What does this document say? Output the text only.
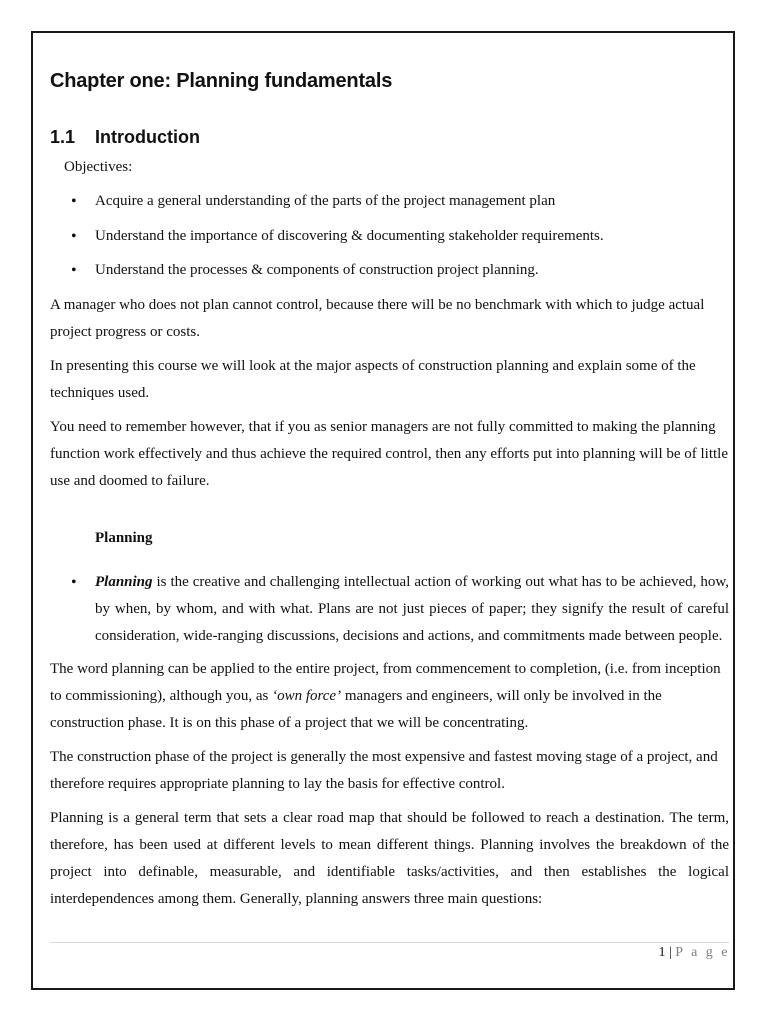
Chapter one: Planning fundamentals
1.1 Introduction
Objectives:
• Acquire a general understanding of the parts of the project management plan
• Understand the importance of discovering & documenting stakeholder requirements.
• Understand the processes & components of construction project planning.

A manager who does not plan cannot control, because there will be no benchmark with which to judge actual project progress or costs.

In presenting this course we will look at the major aspects of construction planning and explain some of the techniques used.

You need to remember however, that if you as senior managers are not fully committed to making the planning function work effectively and thus achieve the required control, then any efforts put into planning will be of little use and doomed to failure.

Planning
• Planning is the creative and challenging intellectual action of working out what has to be achieved, how, by when, by whom, and with what. Plans are not just pieces of paper; they signify the result of careful consideration, wide-ranging discussions, decisions and actions, and commitments made between people.

The word planning can be applied to the entire project, from commencement to completion, (i.e. from inception to commissioning), although you, as ‘own force’ managers and engineers, will only be involved in the construction phase. It is on this phase of a project that we will be concentrating.

The construction phase of the project is generally the most expensive and fastest moving stage of a project, and therefore requires appropriate planning to lay the basis for effective control.

Planning is a general term that sets a clear road map that should be followed to reach a destination. The term, therefore, has been used at different levels to mean different things. Planning involves the breakdown of the project into definable, measurable, and identifiable tasks/activities, and then establishes the logical interdependences among them. Generally, planning answers three main questions:

1 | P a g e
